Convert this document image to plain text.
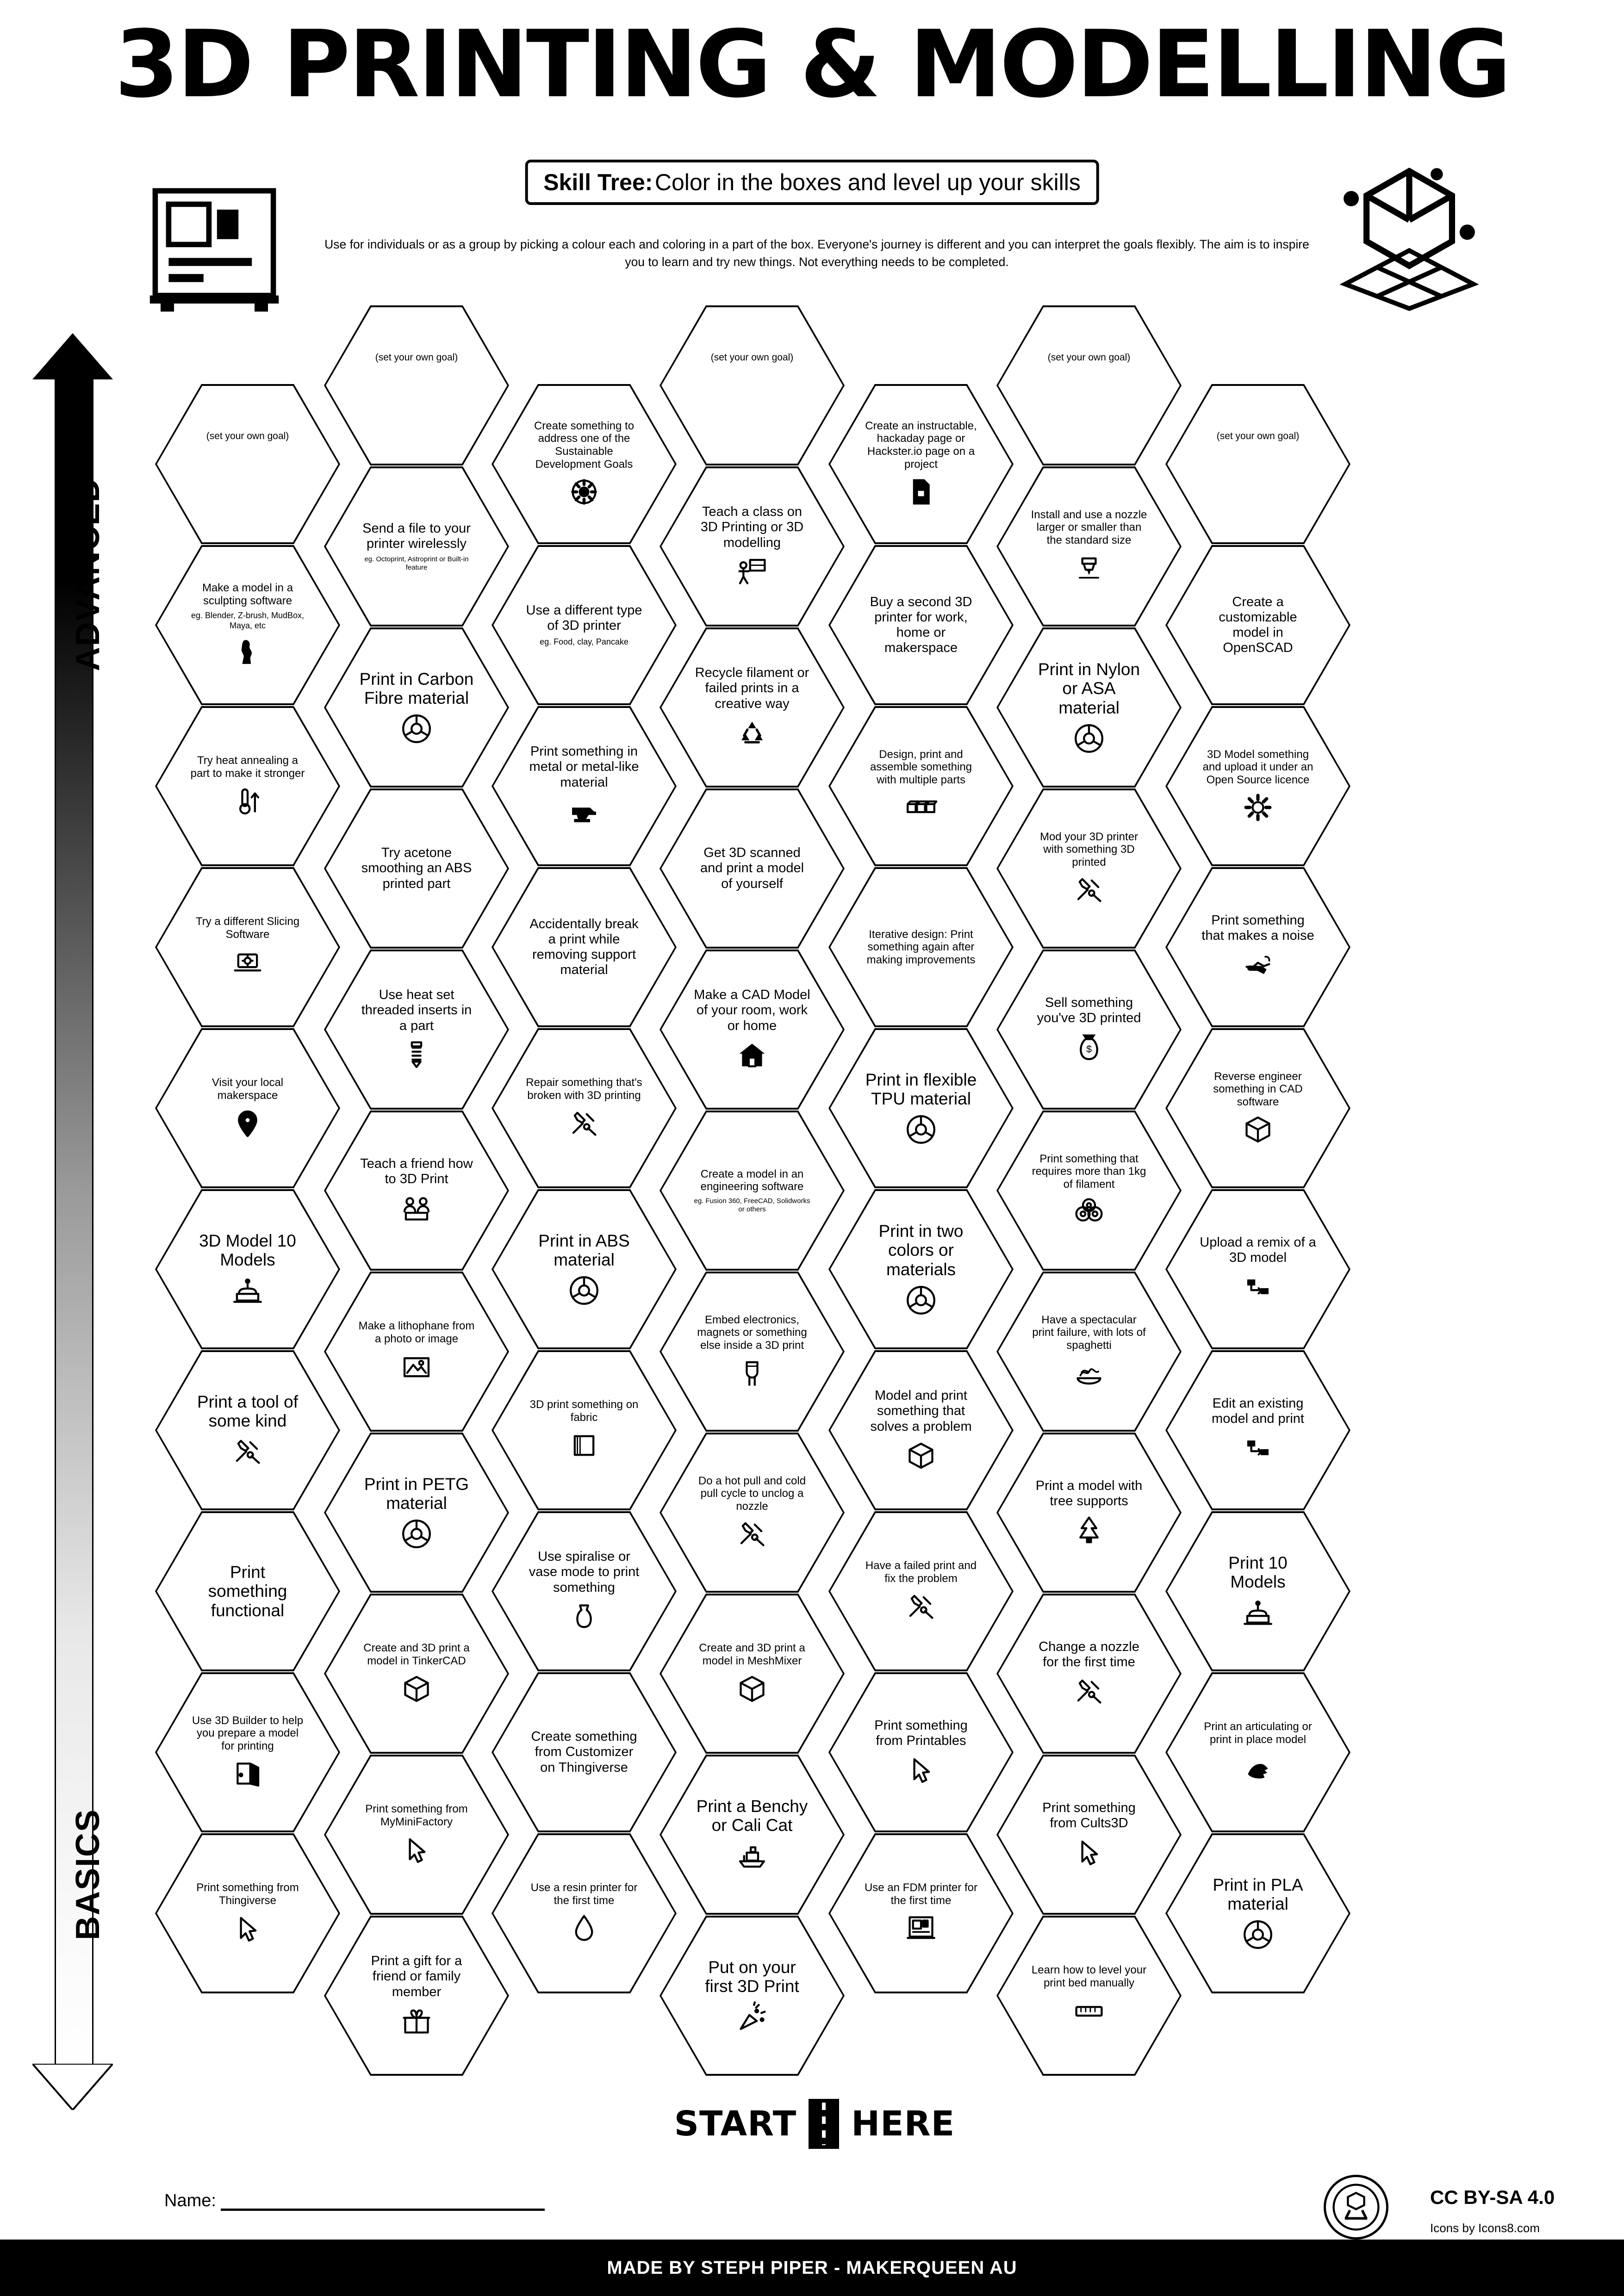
3D PRINTING & MODELLING
Skill Tree: Color in the boxes and level up your skills
Use for individuals or as a group by picking a colour each and coloring in a part of the box. Everyone's journey is different and you can interpret the goals flexibly. The aim is to inspire you to learn and try new things. Not everything needs to be completed.
ADVANCED
BASICS
(set your own goal)
Make a model in a sculpting software
eg. Blender, Z-brush, MudBox, Maya, etc
Try heat annealing a part to make it stronger
Try a different Slicing Software
Visit your local makerspace
3D Model 10 Models
Print a tool of some kind
Print something functional
Use 3D Builder to help you prepare a model for printing
Print something from Thingiverse
(set your own goal)
Send a file to your printer wirelessly
eg. Octoprint, Astroprint or Built-in feature
Print in Carbon Fibre material
Try acetone smoothing an ABS printed part
Use heat set threaded inserts in a part
Teach a friend how to 3D Print
Make a lithophane from a photo or image
Print in PETG material
Create and 3D print a model in TinkerCAD
Print something from MyMiniFactory
Print a gift for a friend or family member
Create something to address one of the Sustainable Development Goals
Use a different type of 3D printer
eg. Food, clay, Pancake
Print something in metal or metal-like material
Accidentally break a print while removing support material
Repair something that's broken with 3D printing
Print in ABS material
3D print something on fabric
Use spiralise or vase mode to print something
Create something from Customizer on Thingiverse
Use a resin printer for the first time
(set your own goal)
Teach a class on 3D Printing or 3D modelling
Recycle filament or failed prints in a creative way
Get 3D scanned and print a model of yourself
Make a CAD Model of your room, work or home
Create a model in an engineering software
eg. Fusion 360, FreeCAD, Solidworks or others
Embed electronics, magnets or something else inside a 3D print
Do a hot pull and cold pull cycle to unclog a nozzle
Create and 3D print a model in MeshMixer
Print a Benchy or Cali Cat
Put on your first 3D Print
Create an instructable, hackaday page or Hackster.io page on a project
Buy a second 3D printer for work, home or makerspace
Design, print and assemble something with multiple parts
Iterative design: Print something again after making improvements
Print in flexible TPU material
Print in two colors or materials
Model and print something that solves a problem
Have a failed print and fix the problem
Print something from Printables
Use an FDM printer for the first time
(set your own goal)
Install and use a nozzle larger or smaller than the standard size
Print in Nylon or ASA material
Mod your 3D printer with something 3D printed
Sell something you've 3D printed
$
Print something that requires more than 1kg of filament
Have a spectacular print failure, with lots of spaghetti
Print a model with tree supports
Change a nozzle for the first time
Print something from Cults3D
Learn how to level your print bed manually
(set your own goal)
Create a customizable model in OpenSCAD
3D Model something and upload it under an Open Source licence
Print something that makes a noise
Reverse engineer something in CAD software
Upload a remix of a 3D model
Edit an existing model and print
Print 10 Models
Print an articulating or print in place model
Print in PLA material
START HERE
Name:	CC BY-SA 4.0
Icons by Icons8.com
MADE BY STEPH PIPER - MAKERQUEEN AU
